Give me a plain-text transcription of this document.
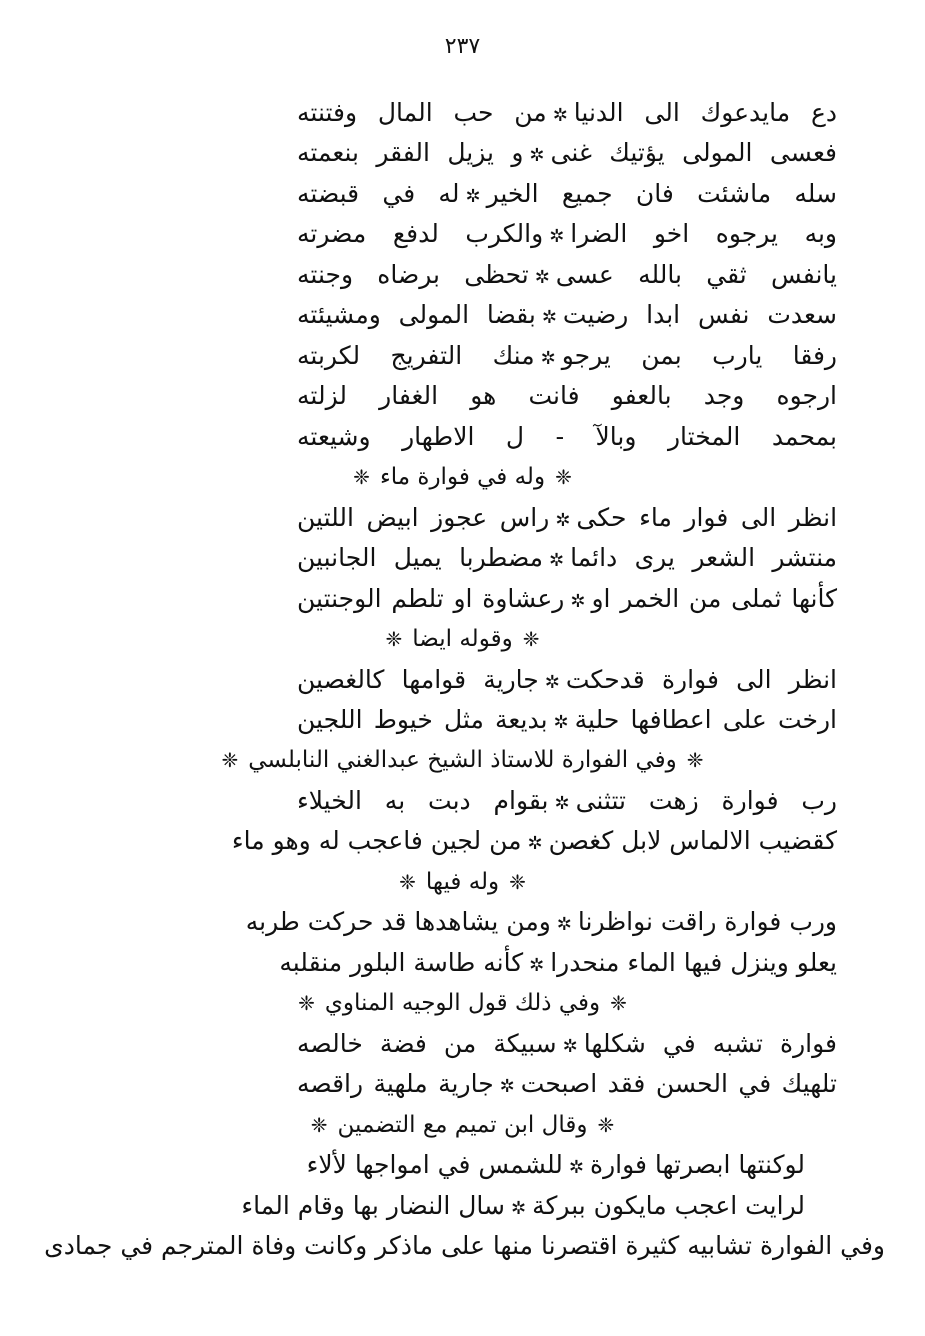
٢٣٧
دع مايدعوك الى الدنيا✲من حب المال وفتنته
فعسى المولى يؤتيك غنى✲و يزيل الفقر بنعمته
سله ماشئت فان جميع الخير✲له في قبضته
وبه يرجوه اخو الضرا✲والكرب لدفع مضرته
يانفس ثقي بالله عسى✲تحظى برضاه وجنته
سعدت نفس ابدا رضيت✲بقضا المولى ومشيئته
رفقا يارب بمن يرجو✲منك التفريج لكربته
ارجوه وجد بالعفو فانت هو الغفار لزلته
بمحمد المختار وبالآ - ل الاطهار وشيعته
❈وله في فوارة ماء❈
انظر الى فوار ماء حكى✲راس عجوز ابيض اللتين
منتشر الشعر يرى دائما✲مضطربا يميل الجانبين
كأنها ثملى من الخمر او✲رعشاوة او تلطم الوجنتين
❈وقوله ايضا❈
انظر الى فوارة قدحكت✲جارية قوامها كالغصين
ارخت على اعطافها حلية✲بديعة مثل خيوط اللجين
❈وفي الفوارة للاستاذ الشيخ عبدالغني النابلسي❈
رب فوارة زهت تتثنى✲بقوام دبت به الخيلاء
كقضيب الالماس لابل كغصن✲من لجين فاعجب له وهو ماء
❈وله فيها❈
ورب فوارة راقت نواظرنا✲ومن يشاهدها قد حركت طربه
يعلو وينزل فيها الماء منحدرا✲كأنه طاسة البلور منقلبه
❈وفي ذلك قول الوجيه المناوي❈
فوارة تشبه في شكلها✲سبيكة من فضة خالصه
تلهيك في الحسن فقد اصبحت✲جارية ملهية راقصه
❈وقال ابن تميم مع التضمين❈
لوكنتها ابصرتها فوارة✲للشمس في امواجها لألاء
لرايت اعجب مايكون ببركة✲سال النضار بها وقام الماء
وفي الفوارة تشابيه كثيرة اقتصرنا منها على ماذكر وكانت وفاة المترجم في جمادى
